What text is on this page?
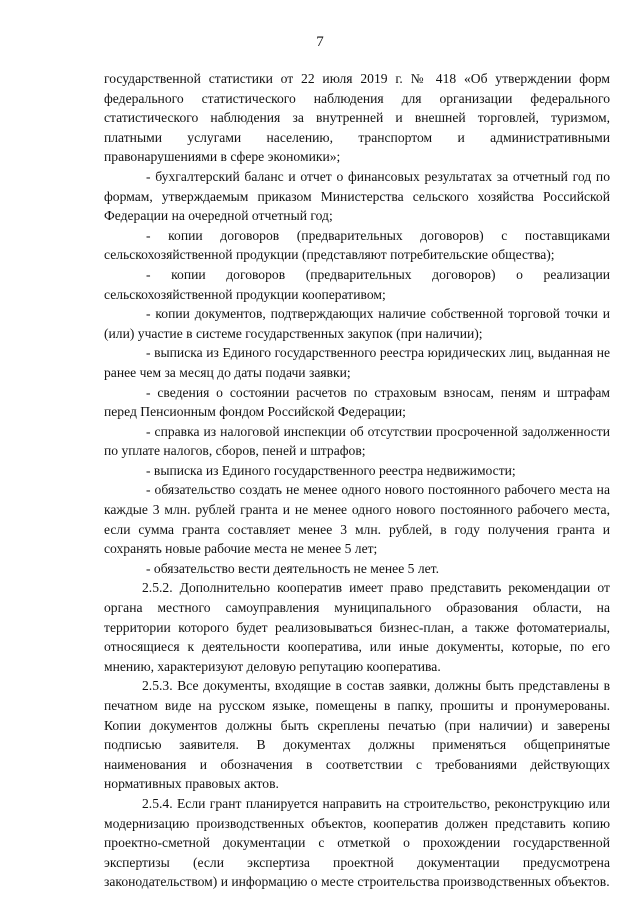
7

государственной статистики от 22 июля 2019 г. № 418 «Об утверждении форм федерального статистического наблюдения для организации федерального статистического наблюдения за внутренней и внешней торговлей, туризмом, платными услугами населению, транспортом и административными правонарушениями в сфере экономики»;

- бухгалтерский баланс и отчет о финансовых результатах за отчетный год по формам, утверждаемым приказом Министерства сельского хозяйства Российской Федерации на очередной отчетный год;

- копии договоров (предварительных договоров) с поставщиками сельскохозяйственной продукции (представляют потребительские общества);

- копии договоров (предварительных договоров) о реализации сельскохозяйственной продукции кооперативом;

- копии документов, подтверждающих наличие собственной торговой точки и (или) участие в системе государственных закупок (при наличии);

- выписка из Единого государственного реестра юридических лиц, выданная не ранее чем за месяц до даты подачи заявки;

- сведения о состоянии расчетов по страховым взносам, пеням и штрафам перед Пенсионным фондом Российской Федерации;

- справка из налоговой инспекции об отсутствии просроченной задолженности по уплате налогов, сборов, пеней и штрафов;

- выписка из Единого государственного реестра недвижимости;

- обязательство создать не менее одного нового постоянного рабочего места на каждые 3 млн. рублей гранта и не менее одного нового постоянного рабочего места, если сумма гранта составляет менее 3 млн. рублей, в году получения гранта и сохранять новые рабочие места не менее 5 лет;

- обязательство вести деятельность не менее 5 лет.

2.5.2. Дополнительно кооператив имеет право представить рекомендации от органа местного самоуправления муниципального образования области, на территории которого будет реализовываться бизнес-план, а также фотоматериалы, относящиеся к деятельности кооператива, или иные документы, которые, по его мнению, характеризуют деловую репутацию кооператива.

2.5.3. Все документы, входящие в состав заявки, должны быть представлены в печатном виде на русском языке, помещены в папку, прошиты и пронумерованы. Копии документов должны быть скреплены печатью (при наличии) и заверены подписью заявителя. В документах должны применяться общепринятые наименования и обозначения в соответствии с требованиями действующих нормативных правовых актов.

2.5.4. Если грант планируется направить на строительство, реконструкцию или модернизацию производственных объектов, кооператив должен представить копию проектно-сметной документации с отметкой о прохождении государственной экспертизы (если экспертиза проектной документации предусмотрена законодательством) и информацию о месте строительства производственных объектов.
